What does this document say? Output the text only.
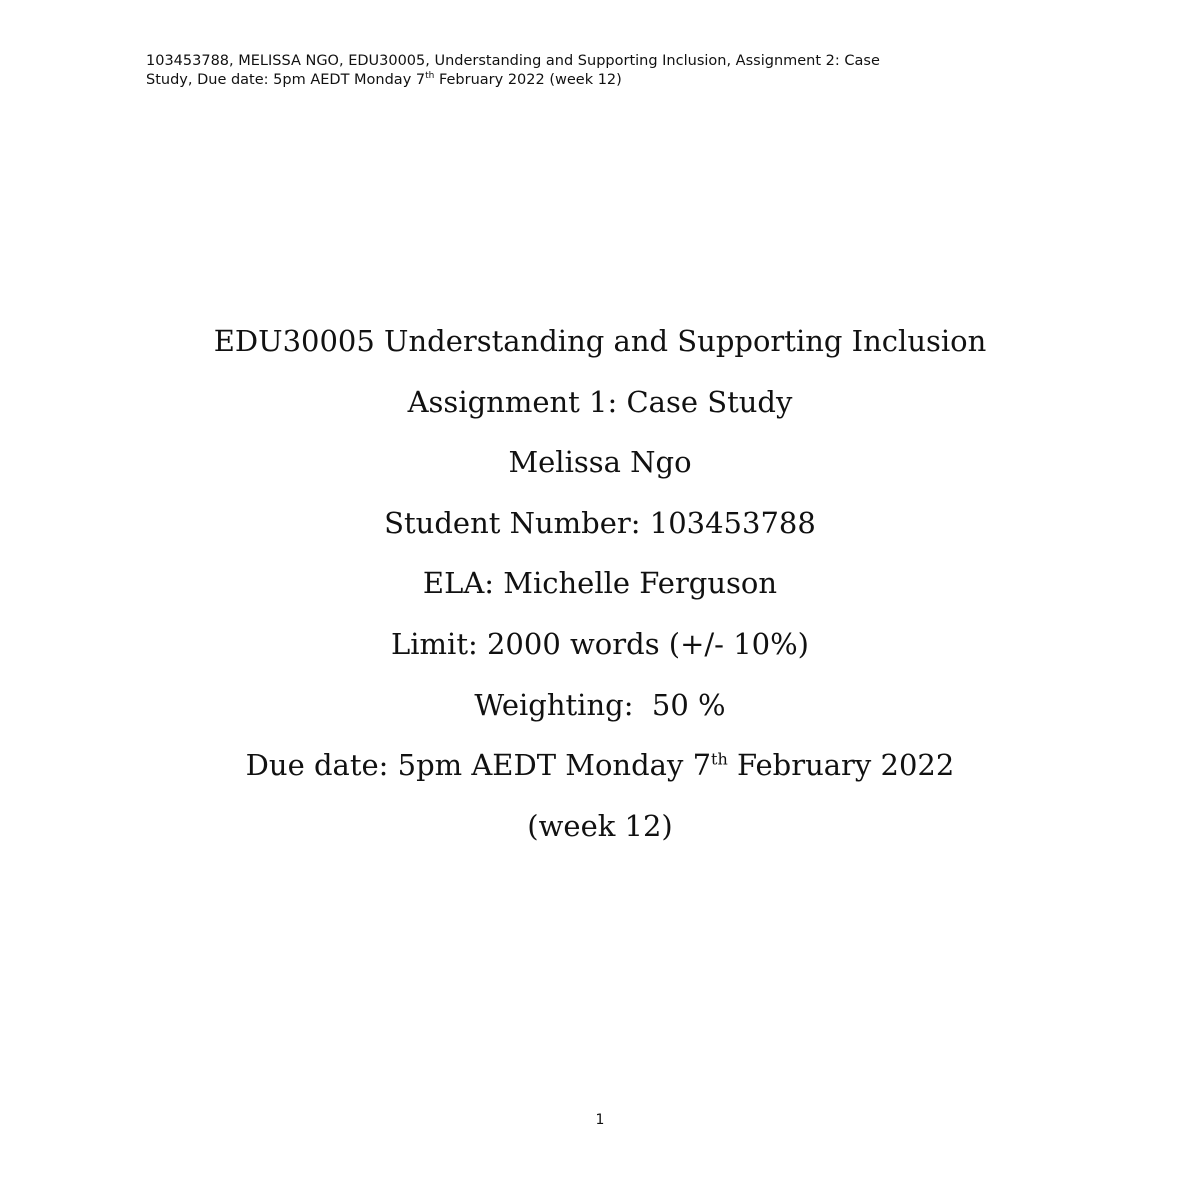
103453788, MELISSA NGO, EDU30005, Understanding and Supporting Inclusion, Assignment 2: Case
Study, Due date: 5pm AEDT Monday 7th February 2022 (week 12)
EDU30005 Understanding and Supporting Inclusion
Assignment 1: Case Study
Melissa Ngo
Student Number: 103453788
ELA: Michelle Ferguson
Limit: 2000 words (+/- 10%)
Weighting:  50 %
Due date: 5pm AEDT Monday 7th February 2022
(week 12)
1
